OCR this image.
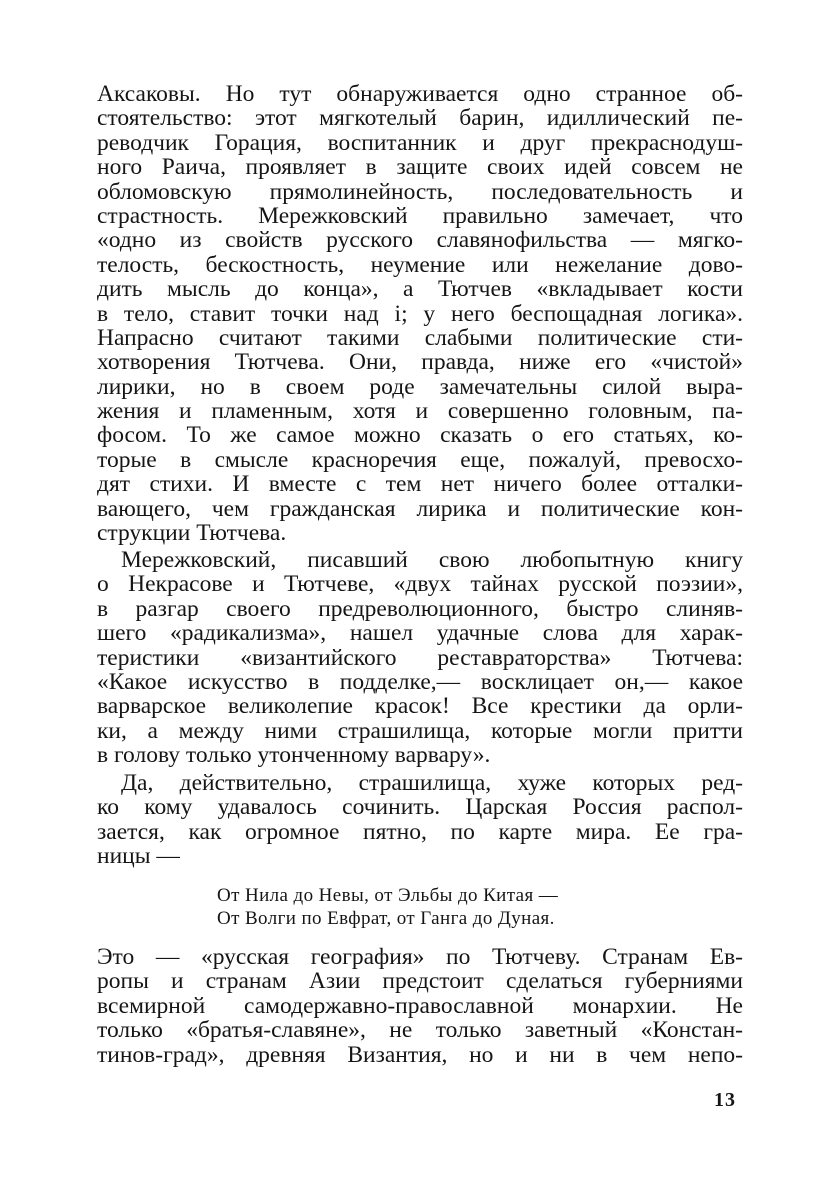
Аксаковы. Но тут обнаруживается одно странное об-
стоятельство: этот мягкотелый барин, идиллический пе-
реводчик Горация, воспитанник и друг прекраснодуш-
ного Раича, проявляет в защите своих идей совсем не
обломовскую прямолинейность, последовательность и
страстность. Мережковский правильно замечает, что
«одно из свойств русского славянофильства — мягко-
телость, бескостность, неумение или нежелание дово-
дить мысль до конца», а Тютчев «вкладывает кости
в тело, ставит точки над i; у него беспощадная логика».
Напрасно считают такими слабыми политические сти-
хотворения Тютчева. Они, правда, ниже его «чистой»
лирики, но в своем роде замечательны силой выра-
жения и пламенным, хотя и совершенно головным, па-
фосом. То же самое можно сказать о его статьях, ко-
торые в смысле красноречия еще, пожалуй, превосхо-
дят стихи. И вместе с тем нет ничего более отталки-
вающего, чем гражданская лирика и политические кон-
струкции Тютчева.
Мережковский, писавший свою любопытную книгу
о Некрасове и Тютчеве, «двух тайнах русской поэзии»,
в разгар своего предреволюционного, быстро слиняв-
шего «радикализма», нашел удачные слова для харак-
теристики «византийского реставраторства» Тютчева:
«Какое искусство в подделке,— восклицает он,— какое
варварское великолепие красок! Все крестики да орли-
ки, а между ними страшилища, которые могли притти
в голову только утонченному варвару».
Да, действительно, страшилища, хуже которых ред-
ко кому удавалось сочинить. Царская Россия распол-
зается, как огромное пятно, по карте мира. Ее гра-
ницы —
От Нила до Невы, от Эльбы до Китая —
От Волги по Евфрат, от Ганга до Дуная.
Это — «русская география» по Тютчеву. Странам Ев-
ропы и странам Азии предстоит сделаться губерниями
всемирной самодержавно-православной монархии. Не
только «братья-славяне», не только заветный «Констан-
тинов-град», древняя Византия, но и ни в чем непо-
13
